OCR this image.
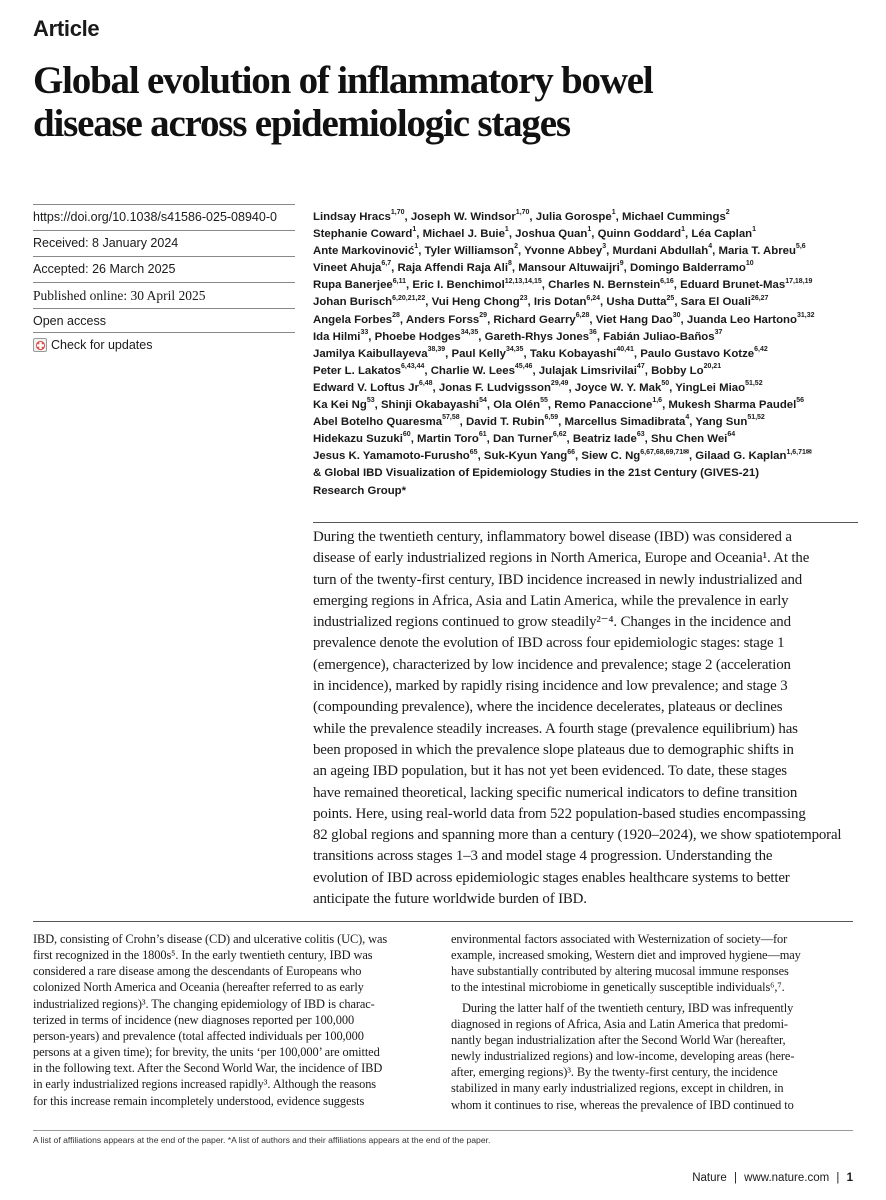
Article
Global evolution of inflammatory bowel
disease across epidemiologic stages
https://doi.org/10.1038/s41586-025-08940-0
Received: 8 January 2024
Accepted: 26 March 2025
Published online: 30 April 2025
Open access
Check for updates
Lindsay Hracs$^{1,70}$, Joseph W. Windsor$^{1,70}$, Julia Gorospe$^1$, Michael Cummings$^2$
Stephanie Coward$^1$, Michael J. Buie$^1$, Joshua Quan$^1$, Quinn Goddard$^1$, Léa Caplan$^1$
Ante Markovinović$^1$, Tyler Williamson$^2$, Yvonne Abbey$^3$, Murdani Abdullah$^4$, Maria T. Abreu$^{5,6}$
Vineet Ahuja$^{6,7}$, Raja Affendi Raja Ali$^8$, Mansour Altuwaijri$^9$, Domingo Balderramo$^{10}$
Rupa Banerjee$^{6,11}$, Eric I. Benchimol$^{12,13,14,15}$, Charles N. Bernstein$^{6,16}$, Eduard Brunet-Mas$^{17,18,19}$
Johan Burisch$^{6,20,21,22}$, Vui Heng Chong$^{23}$, Iris Dotan$^{6,24}$, Usha Dutta$^{25}$, Sara El Ouali$^{26,27}$
Angela Forbes$^{28}$, Anders Forss$^{29}$, Richard Gearry$^{6,28}$, Viet Hang Dao$^{30}$, Juanda Leo Hartono$^{31,32}$
Ida Hilmi$^{33}$, Phoebe Hodges$^{34,35}$, Gareth-Rhys Jones$^{36}$, Fabián Juliao-Baños$^{37}$
Jamilya Kaibullayeva$^{38,39}$, Paul Kelly$^{34,35}$, Taku Kobayashi$^{40,41}$, Paulo Gustavo Kotze$^{6,42}$
Peter L. Lakatos$^{6,43,44}$, Charlie W. Lees$^{45,46}$, Julajak Limsrivilai$^{47}$, Bobby Lo$^{20,21}$
Edward V. Loftus Jr$^{6,48}$, Jonas F. Ludvigsson$^{29,49}$, Joyce W. Y. Mak$^{50}$, YingLei Miao$^{51,52}$
Ka Kei Ng$^{53}$, Shinji Okabayashi$^{54}$, Ola Olén$^{55}$, Remo Panaccione$^{1,6}$, Mukesh Sharma Paudel$^{56}$
Abel Botelho Quaresma$^{57,58}$, David T. Rubin$^{6,59}$, Marcellus Simadibrata$^4$, Yang Sun$^{51,52}$
Hidekazu Suzuki$^{60}$, Martin Toro$^{61}$, Dan Turner$^{6,62}$, Beatriz Iade$^{63}$, Shu Chen Wei$^{64}$
Jesus K. Yamamoto-Furusho$^{65}$, Suk-Kyun Yang$^{66}$, Siew C. $Ng^{6,67,68,69,71✉}$, Gilaad G. Kaplan$^{1,6,71✉}$
& Global IBD Visualization of Epidemiology Studies in the 21st Century (GIVES-21)
Research Group*
During the twentieth century, inflammatory bowel disease (IBD) was considered a
disease of early industrialized regions in North America, Europe and Oceania¹. At the
turn of the twenty-first century, IBD incidence increased in newly industrialized and
emerging regions in Africa, Asia and Latin America, while the prevalence in early
industrialized regions continued to grow steadily²⁻⁴. Changes in the incidence and
prevalence denote the evolution of IBD across four epidemiologic stages: stage 1
(emergence), characterized by low incidence and prevalence; stage 2 (acceleration
in incidence), marked by rapidly rising incidence and low prevalence; and stage 3
(compounding prevalence), where the incidence decelerates, plateaus or declines
while the prevalence steadily increases. A fourth stage (prevalence equilibrium) has
been proposed in which the prevalence slope plateaus due to demographic shifts in
an ageing IBD population, but it has not yet been evidenced. To date, these stages
have remained theoretical, lacking specific numerical indicators to define transition
points. Here, using real-world data from 522 population-based studies encompassing
82 global regions and spanning more than a century (1920–2024), we show spatiotemporal
transitions across stages 1–3 and model stage 4 progression. Understanding the
evolution of IBD across epidemiologic stages enables healthcare systems to better
anticipate the future worldwide burden of IBD.
IBD, consisting of Crohn’s disease (CD) and ulcerative colitis (UC), was
first recognized in the 1800s⁵. In the early twentieth century, IBD was
considered a rare disease among the descendants of Europeans who
colonized North America and Oceania (hereafter referred to as early
industrialized regions)³. The changing epidemiology of IBD is charac-
terized in terms of incidence (new diagnoses reported per 100,000
person-years) and prevalence (total affected individuals per 100,000
persons at a given time); for brevity, the units ‘per 100,000’ are omitted
in the following text. After the Second World War, the incidence of IBD
in early industrialized regions increased rapidly³. Although the reasons
for this increase remain incompletely understood, evidence suggests
environmental factors associated with Westernization of society—for
example, increased smoking, Western diet and improved hygiene—may
have substantially contributed by altering mucosal immune responses
to the intestinal microbiome in genetically susceptible individuals⁶,⁷.
During the latter half of the twentieth century, IBD was infrequently
diagnosed in regions of Africa, Asia and Latin America that predomi-
nantly began industrialization after the Second World War (hereafter,
newly industrialized regions) and low-income, developing areas (here-
after, emerging regions)³. By the twenty-first century, the incidence
stabilized in many early industrialized regions, except in children, in
whom it continues to rise, whereas the prevalence of IBD continued to
A list of affiliations appears at the end of the paper. *A list of authors and their affiliations appears at the end of the paper.
Nature | www.nature.com | 1
